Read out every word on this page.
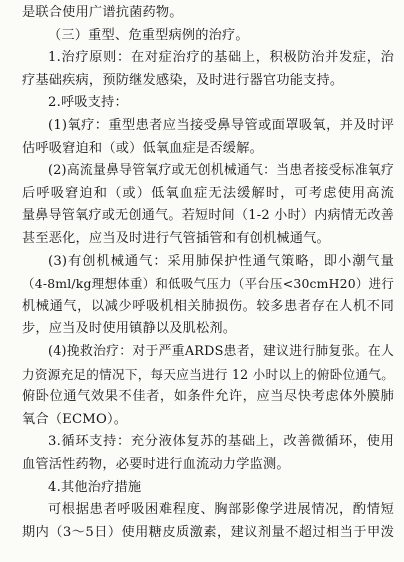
是联合使用广谱抗菌药物。
（三）重型、危重型病例的治疗。
1.治疗原则：在对症治疗的基础上，积极防治并发症，治
疗基础疾病，预防继发感染，及时进行器官功能支持。
2.呼吸支持：
(1)氧疗：重型患者应当接受鼻导管或面罩吸氧，并及时评
估呼吸窘迫和（或）低氧血症是否缓解。
(2)高流量鼻导管氧疗或无创机械通气：当患者接受标准氧疗
后呼吸窘迫和（或）低氧血症无法缓解时，可考虑使用高流
量鼻导管氧疗或无创通气。若短时间（1-2 小时）内病情无改善
甚至恶化，应当及时进行气管插管和有创机械通气。
(3)有创机械通气：采用肺保护性通气策略，即小潮气量
（4-8ml/kg理想体重）和低吸气压力（平台压<30cmH20）进行
机械通气，以减少呼吸机相关肺损伤。较多患者存在人机不同
步，应当及时使用镇静以及肌松剂。
(4)挽救治疗：对于严重ARDS患者，建议进行肺复张。在人
力资源充足的情况下，每天应当进行 12 小时以上的俯卧位通气。
俯卧位通气效果不佳者，如条件允许，应当尽快考虑体外膜肺
氧合（ECMO）。
3.循环支持：充分液体复苏的基础上，改善微循环，使用
血管活性药物，必要时进行血流动力学监测。
4.其他治疗措施
可根据患者呼吸困难程度、胸部影像学进展情况，酌情短
期内（3～5日）使用糖皮质激素，建议剂量不超过相当于甲泼
